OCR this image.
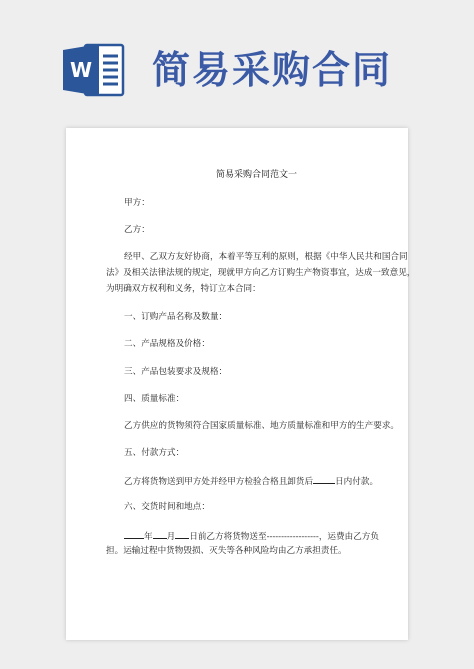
W 简易采购合同
简易采购合同范文一
甲方：
乙方：
经甲、乙双方友好协商，本着平等互利的原则，根据《中华人民共和国合同
法》及相关法律法规的规定，现就甲方向乙方订购生产物资事宜，达成一致意见，
为明确双方权利和义务，特订立本合同：
一、订购产品名称及数量：
二、产品规格及价格：
三、产品包装要求及规格：
四、质量标准：
乙方供应的货物须符合国家质量标准、地方质量标准和甲方的生产要求。
五、付款方式：
乙方将货物送到甲方处并经甲方检验合格且卸货后	日内付款。
六、交货时间和地点：
年 月 日前乙方将货物送至------------------，运费由乙方负
担。运输过程中货物毁损、灭失等各种风险均由乙方承担责任。
